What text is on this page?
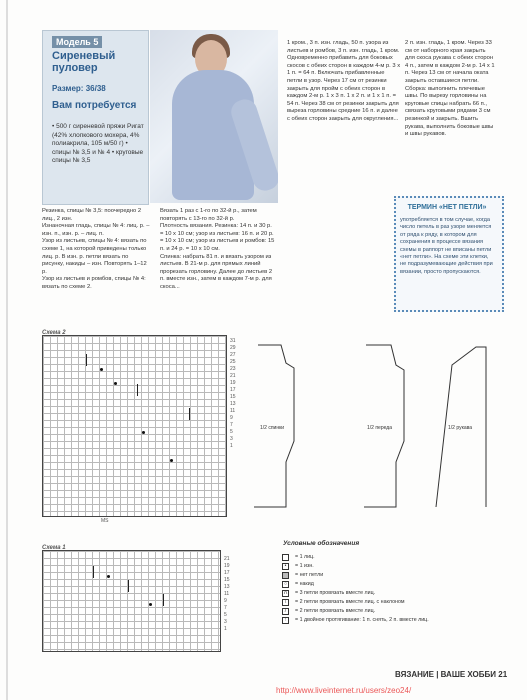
Модель 5
Сиреневый пуловер
Размер: 36/38
Вам потребуется
• 500 г сиреневой пряжи Ригат (42% хлопкового мохера, 4% полиакрила, 105 м/50 г) • спицы № 3,5 и № 4 • круговые спицы № 3,5
Резинка, спицы № 3,5: поочередно 2 лиц., 2 изн.
Изнаночная гладь, спицы № 4: лиц. р. – изн. п., изн. р. – лиц. п.
Узор из листьев, спицы № 4: вязать по схеме 1, на которой приведены только лиц. р. В изн. р. петли вязать по рисунку, накиды – изн. Повторять 1–12 р.
Узор из листьев и ромбов, спицы № 4: вязать по схеме 2.
Вязать 1 раз с 1-го по 32-й р., затем повторять с 13-го по 32-й р.
Плотность вязания. Резинка: 14 п. и 30 р. = 10 х 10 см; узор из листьев: 16 п. и 20 р. = 10 х 10 см; узор из листьев и ромбов: 15 п. и 24 р. = 10 х 10 см.
Спинка: набрать 81 п. и вязать узором из листьев. В 21-м р. для прямых линий прорезать горловину. Далее до листьев 2 п. вместе изн., затем в каждом 7-м р. для скоса...
1 кром., 3 п. изн. гладь, 50 п. узора из листьев и ромбов, 3 п. изн. гладь, 1 кром. Одновременно прибавить для боковых скосов с обеих сторон в каждом 4-м р. 3 х 1 п. = 64 п. Включать прибавленные петли в узор. Через 17 см от резинки закрыть для пройм с обеих сторон в каждом 2-м р. 1 х 3 п. 1 х 2 п. и 1 х 1 п. = 54 п. Через 38 см от резинки закрыть для выреза горловины средние 16 п. и далее с обеих сторон закрыть для округления...
2 п. изн. гладь, 1 кром. Через 33 см от наборного края закрыть для скоса рукава с обеих сторон 4 п., затем в каждом 2-м р. 14 х 1 п. Через 13 см от начала оката закрыть оставшиеся петли.
Сборка: выполнить плечевые швы. По вырезу горловины на круговые спицы набрать 66 п., связать круговыми рядами 3 см резинкой и закрыть. Вшить рукава, выполнить боковые швы и швы рукавов.
ТЕРМИН «НЕТ ПЕТЛИ»
употребляется в том случае, когда число петель в раз узоре меняется от ряда к ряду, в котором для сохранения в процессе вязания схемы в раппорт не вписаны петли «нет петли». На схеме эти клетки, не подразумевающие действия при вязании, просто пропускаются.
Схема 2
31
29
27
25
23
21
19
17
15
13
11
9
7
5
3
1
МS
1/2 спинки	1/2 переда	1/2 рукава
Схема 1
21
19
17
15
13
11
9
7
5
3
1
Условные обозначения
= 1 лиц.
•	= 1 изн.
= нет петли
○	= накид
Λ	= 3 петли провязать вместе лиц.
\	= 2 петли провязать вместе лиц. с наклоном
/	= 2 петли провязать вместе лиц.
↑	= 1 двойное протягивание: 1 п. снять, 2 п. вместе лиц.
ВЯЗАНИЕ | ВАШЕ ХОББИ 21
http://www.liveinternet.ru/users/zeo24/
